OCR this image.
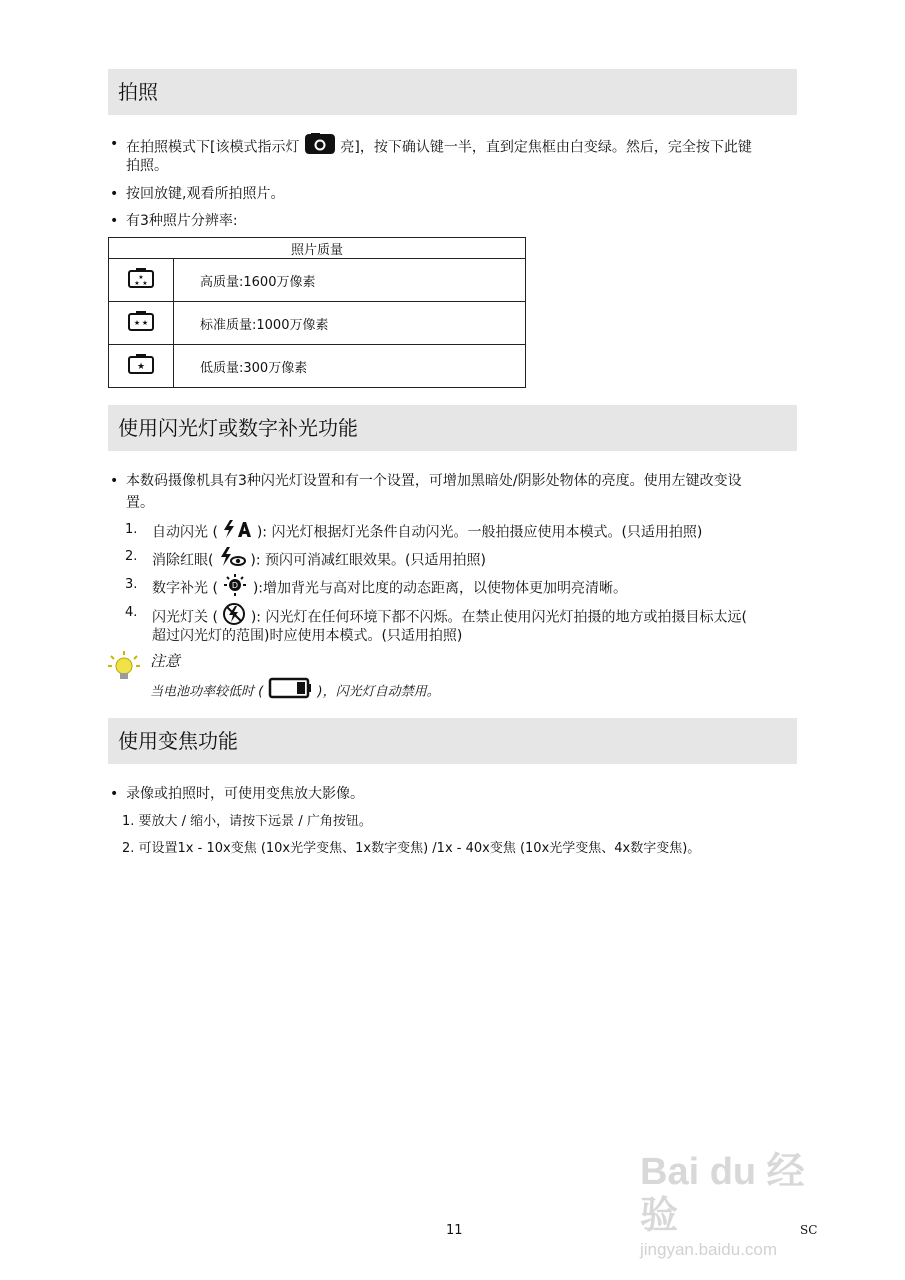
拍照
• 在拍照模式下[该模式指示灯	亮]，按下确认键一半，直到定焦框由白变绿。然后，完全按下此键
拍照。
• 按回放键,观看所拍照片。
• 有3种照片分辨率:
照片质量	

★
★ ★	高质量:1600万像素

★ ★	标准质量:1000万像素

★	低质量:300万像素
使用闪光灯或数字补光功能
• 本数码摄像机具有3种闪光灯设置和有一个设置，可增加黑暗处/阴影处物体的亮度。使用左键改变设
置。
1. 自动闪光 (	): 闪光灯根据灯光条件自动闪光。一般拍摄应使用本模式。(只适用拍照)
2. 消除红眼(	): 预闪可消减红眼效果。(只适用拍照)
3. 数字补光 ( D ):增加背光与高对比度的动态距离，以使物体更加明亮清晰。
4. 闪光灯关 ( ): 闪光灯在任何环境下都不闪烁。在禁止使用闪光灯拍摄的地方或拍摄目标太远(
超过闪光灯的范围)时应使用本模式。(只适用拍照)
注意
当电池功率较低时 (	)，闪光灯自动禁用。
使用变焦功能
• 录像或拍照时，可使用变焦放大影像。
1. 要放大 / 缩小，请按下远景 / 广角按钮。
2. 可设置1x - 10x变焦 (10x光学变焦、1x数字变焦) /1x - 40x变焦 (10x光学变焦、4x数字变焦)。
Bai du 经验
jingyan.baidu.com
11	SC
